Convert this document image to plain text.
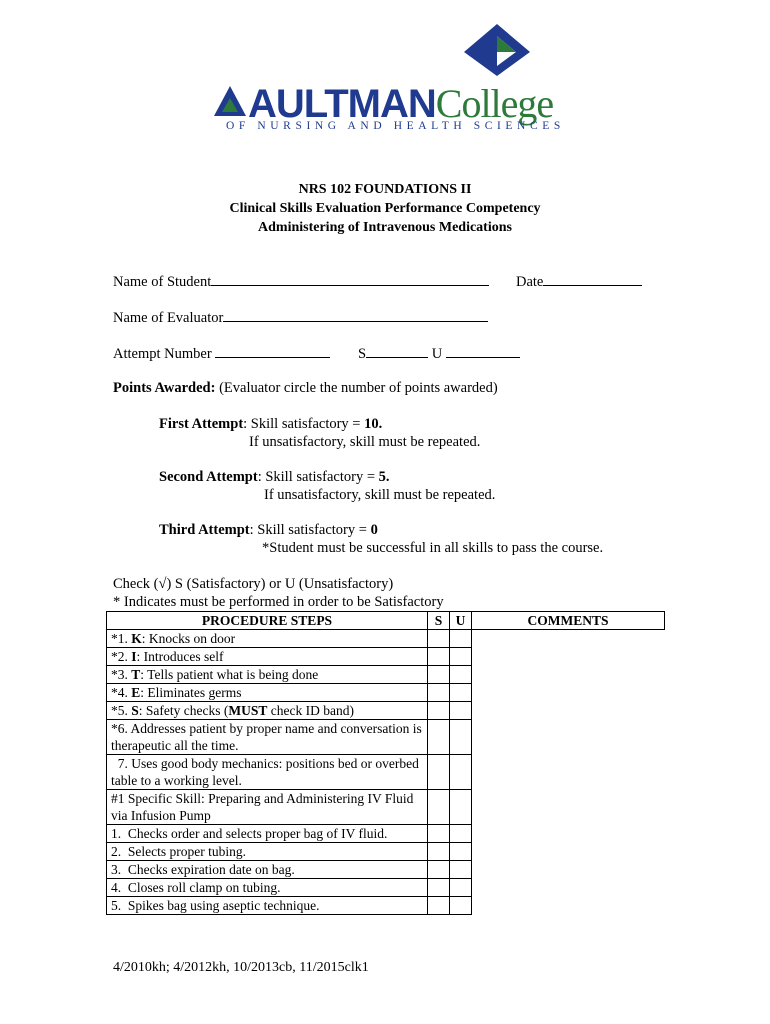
AULTMANCollege
OF NURSING AND HEALTH SCIENCES
NRS 102 FOUNDATIONS II
Clinical Skills Evaluation Performance Competency
Administering of Intravenous Medications
Name of Student	Date
Name of Evaluator
Attempt Number	S	U
Points Awarded: (Evaluator circle the number of points awarded)
First Attempt: Skill satisfactory = 10.
If unsatisfactory, skill must be repeated.
Second Attempt: Skill satisfactory = 5.
If unsatisfactory, skill must be repeated.
Third Attempt: Skill satisfactory = 0
*Student must be successful in all skills to pass the course.
Check (√) S (Satisfactory) or U (Unsatisfactory)
* Indicates must be performed in order to be Satisfactory
PROCEDURE STEPS	S	U	COMMENTS
*1. K: Knocks on door			
*2. I: Introduces self			
*3. T: Tells patient what is being done			
*4. E: Eliminates germs			
*5. S: Safety checks (MUST check ID band)			
*6. Addresses patient by proper name and conversation is therapeutic all the time.			
7. Uses good body mechanics: positions bed or overbed table to a working level.			
#1 Specific Skill: Preparing and Administering IV Fluid via Infusion Pump			
1.  Checks order and selects proper bag of IV fluid.			
2.  Selects proper tubing.			
3.  Checks expiration date on bag.			
4.  Closes roll clamp on tubing.			
5.  Spikes bag using aseptic technique.			
4/2010kh; 4/2012kh, 10/2013cb, 11/2015clk1
